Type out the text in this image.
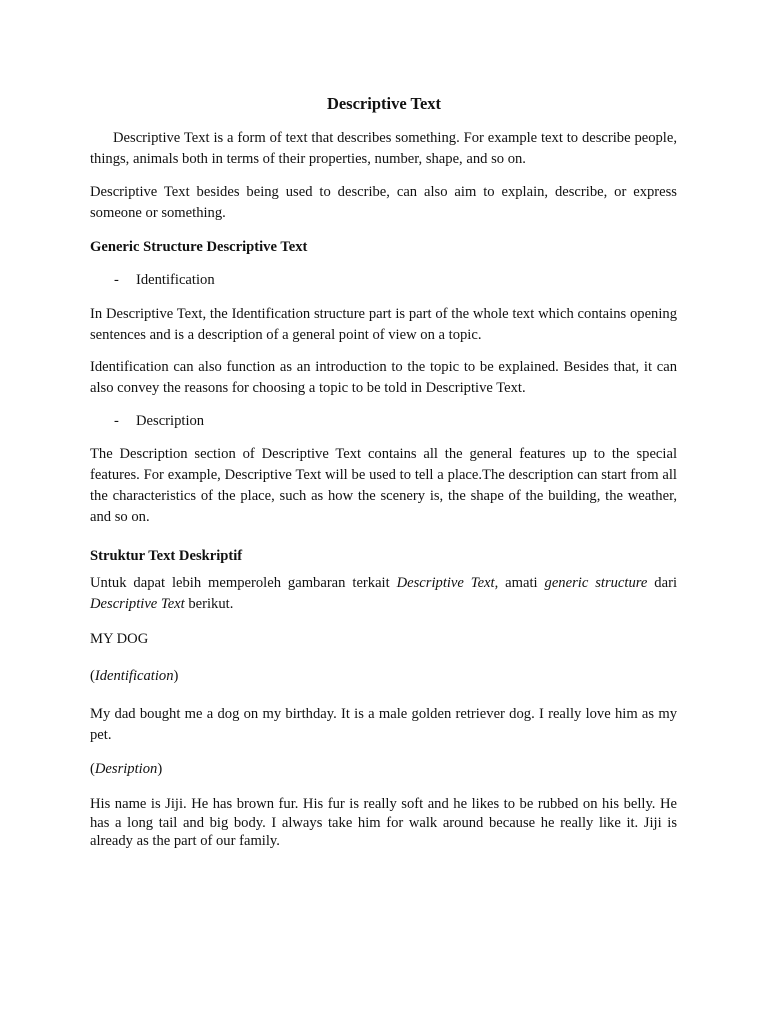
Descriptive Text

Descriptive Text is a form of text that describes something. For example text to describe people, things, animals both in terms of their properties, number, shape, and so on.

Descriptive Text besides being used to describe, can also aim to explain, describe, or express someone or something.

Generic Structure Descriptive Text

- Identification

In Descriptive Text, the Identification structure part is part of the whole text which contains opening sentences and is a description of a general point of view on a topic.

Identification can also function as an introduction to the topic to be explained. Besides that, it can also convey the reasons for choosing a topic to be told in Descriptive Text.

- Description

The Description section of Descriptive Text contains all the general features up to the special features. For example, Descriptive Text will be used to tell a place.The description can start from all the characteristics of the place, such as how the scenery is, the shape of the building, the weather, and so on.

Struktur Text Deskriptif

Untuk dapat lebih memperoleh gambaran terkait Descriptive Text, amati generic structure dari Descriptive Text berikut.

MY DOG

(Identification)

My dad bought me a dog on my birthday. It is a male golden retriever dog. I really love him as my pet.

(Desription)

His name is Jiji. He has brown fur. His fur is really soft and he likes to be rubbed on his belly. He has a long tail and big body. I always take him for walk around because he really like it. Jiji is already as the part of our family.
